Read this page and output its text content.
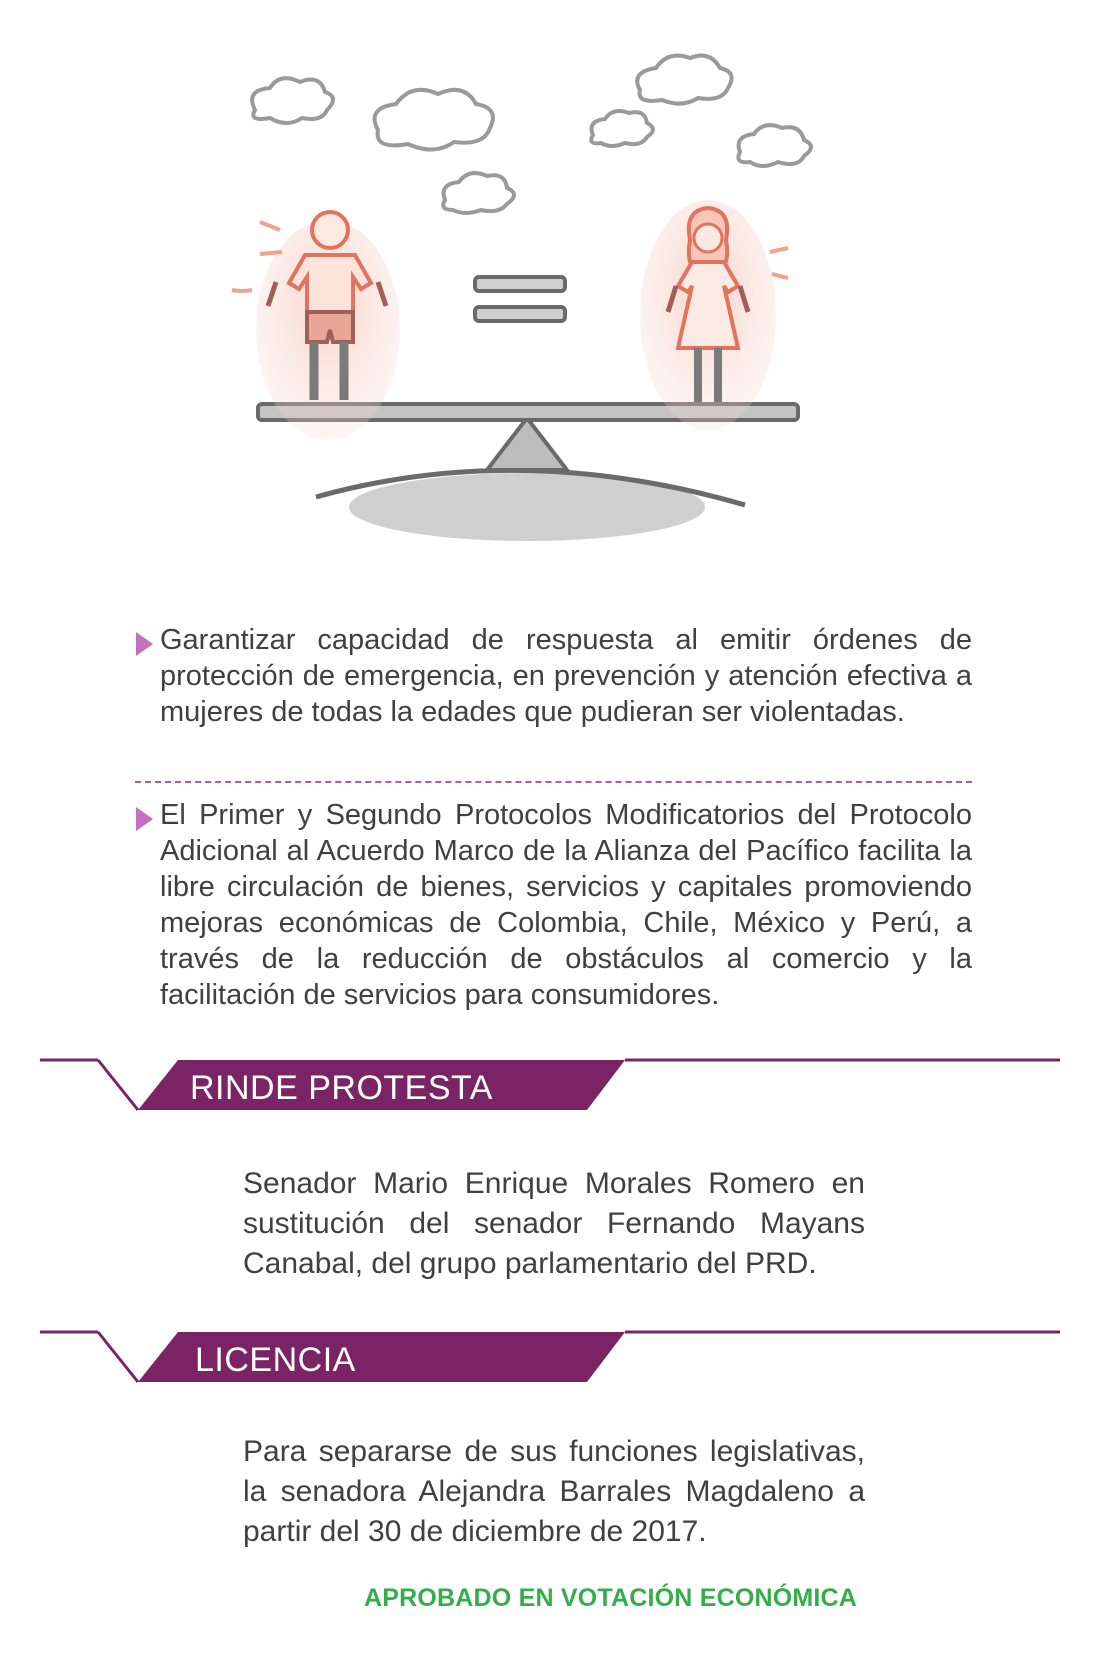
Garantizar capacidad de respuesta al emitir órdenes de protección de emergencia, en prevención y atención efectiva a mujeres de todas la edades que pudieran ser violentadas.
El Primer y Segundo Protocolos Modificatorios del Protocolo Adicional al Acuerdo Marco de la Alianza del Pacífico facilita la libre circulación de bienes, servicios y capitales promoviendo mejoras económicas de Colombia, Chile, México y Perú, a través de la reducción de obstáculos al comercio y la facilitación de servicios para consumidores.
RINDE PROTESTA
Senador Mario Enrique Morales Romero en sustitución del senador Fernando Mayans Canabal, del grupo parlamentario del PRD.
LICENCIA
Para separarse de sus funciones legislativas, la senadora Alejandra Barrales Magdaleno a partir del 30 de diciembre de 2017.
APROBADO EN VOTACIÓN ECONÓMICA
